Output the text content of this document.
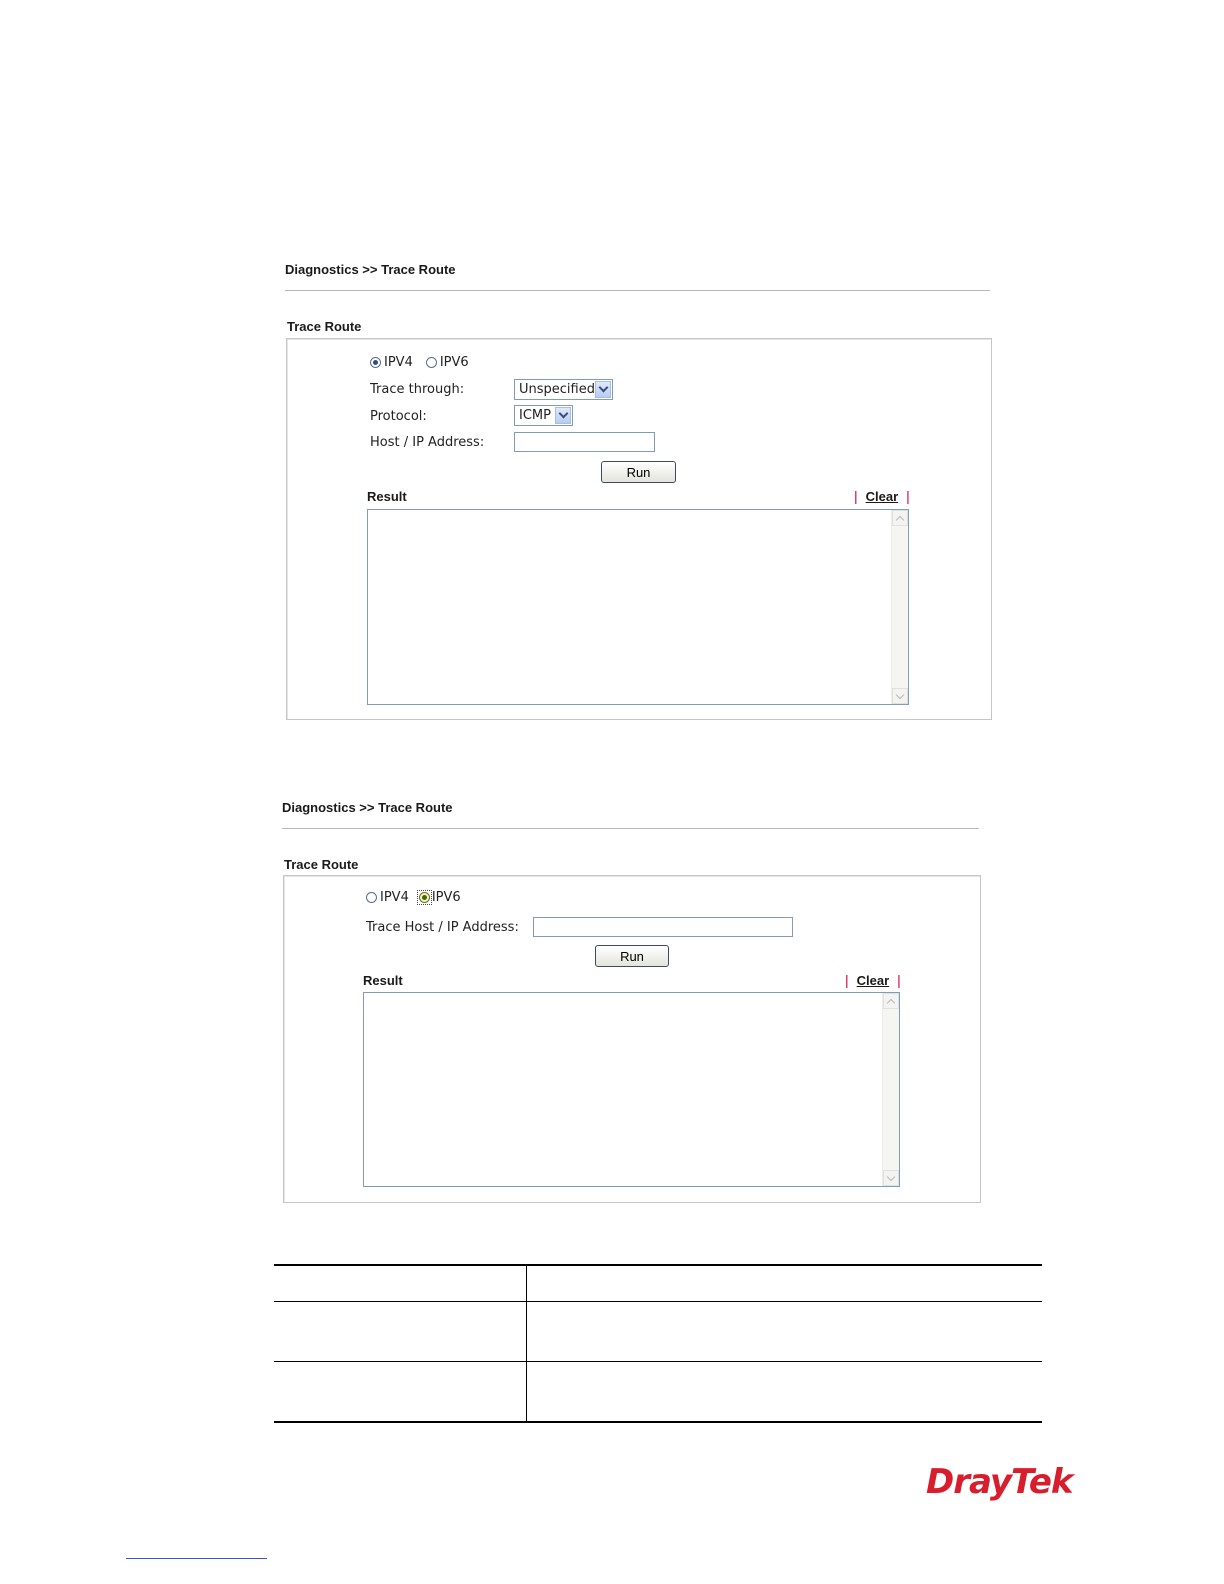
Diagnostics >> Trace Route
Trace Route
IPV4 IPV6
Trace through:	Unspecified
Protocol:	ICMP
Host / IP Address:
Run
Result	| Clear |
Diagnostics >> Trace Route
Trace Route
IPV4 IPV6
Trace Host / IP Address:
Run
Result	| Clear |
DrayTek
